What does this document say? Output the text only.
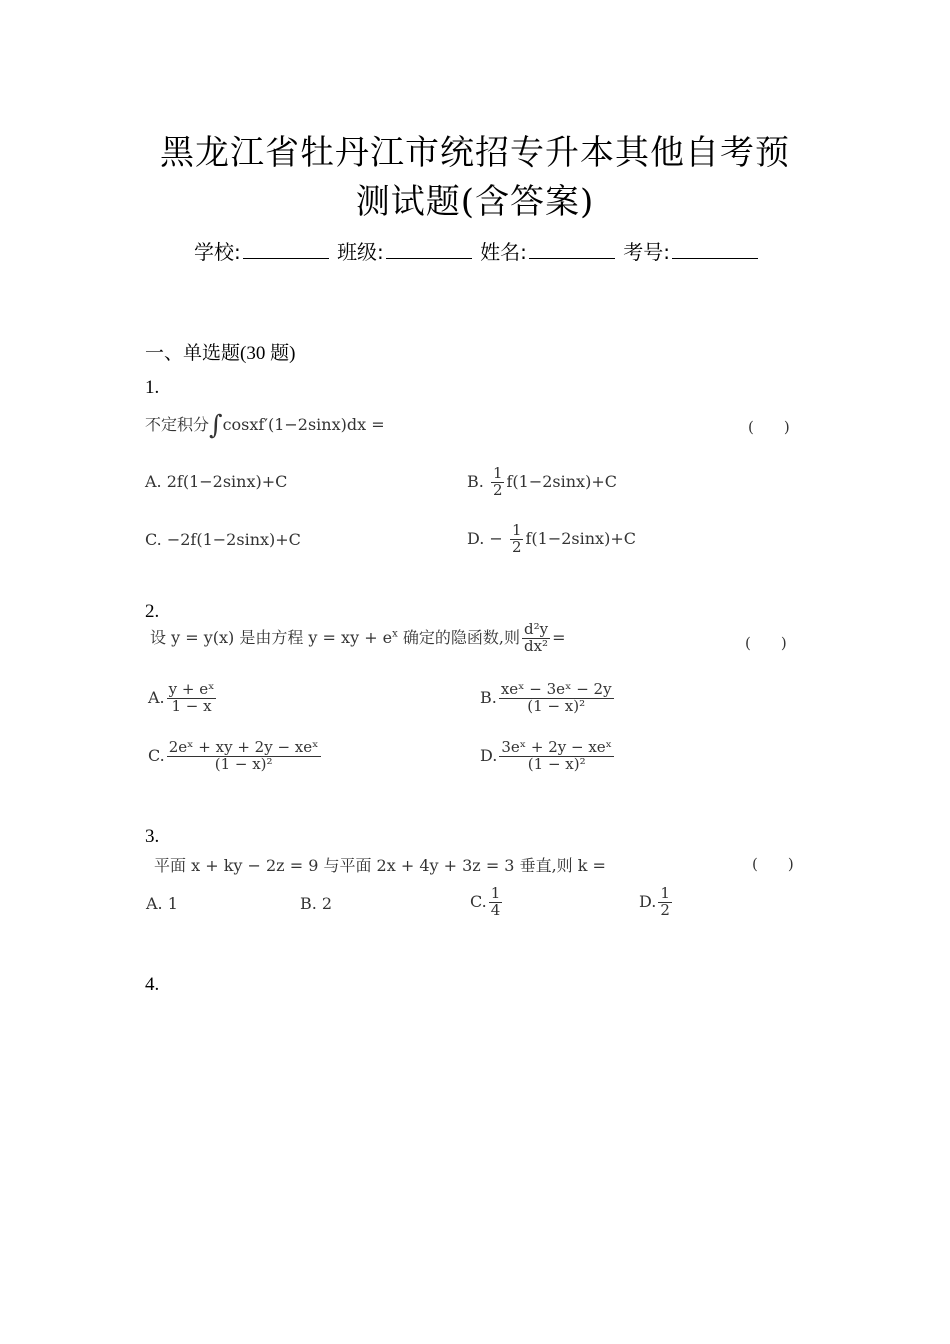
黑龙江省牡丹江市统招专升本其他自考预
测试题(含答案)
学校:	班级:	姓名:	考号:
一、单选题(30 题)
1.
不定积分∫cosxf′(1−2sinx)dx =	(　　)
A. 2f(1−2sinx)+C	B. $\frac{1}{2} f(1-2\sin x)+C$
C. −2f(1−2sinx)+C	D. − $\frac{1}{2} f(1-2\sin x)+C$
2.
设 y = y(x) 是由方程 y = xy + $e^x$ 确定的隐函数,则 $\frac{\text{d²y}}{\text{dx²}}$ =	(　　)
A. $\frac{\text{y + eˣ}}{1 - x}$	B. $\frac{\text{xeˣ − 3eˣ − 2y}}{\text{(1 − x)²}}$
C. $\frac{\text{2eˣ + xy + 2y − xeˣ}}{\text{(1 − x)²}}$	D. $\frac{\text{3eˣ + 2y − xeˣ}}{\text{(1 − x)²}}$
3.
平面 x + ky − 2z = 9 与平面 2x + 4y + 3z = 3 垂直,则 k =	(　　)
A. 1	B. 2	C. $\frac{1}{4}$	D. $\frac{1}{2}$
4.
